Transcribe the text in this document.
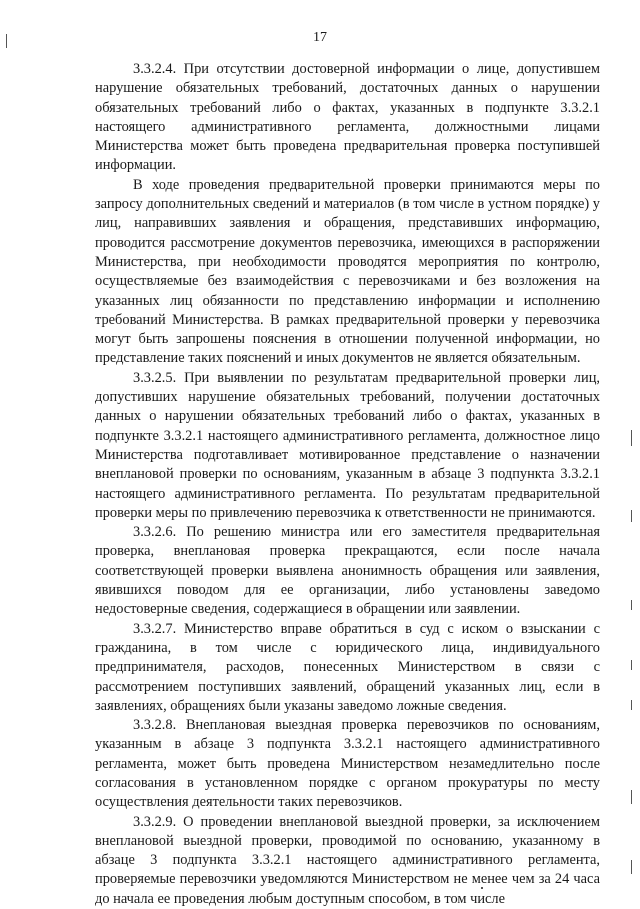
17

3.3.2.4. При отсутствии достоверной информации о лице, допустившем нарушение обязательных требований, достаточных данных о нарушении обязательных требований либо о фактах, указанных в подпункте 3.3.2.1 настоящего административного регламента, должностными лицами Министерства может быть проведена предварительная проверка поступившей информации.

В ходе проведения предварительной проверки принимаются меры по запросу дополнительных сведений и материалов (в том числе в устном порядке) у лиц, направивших заявления и обращения, представивших информацию, проводится рассмотрение документов перевозчика, имеющихся в распоряжении Министерства, при необходимости проводятся мероприятия по контролю, осуществляемые без взаимодействия с перевозчиками и без возложения на указанных лиц обязанности по представлению информации и исполнению требований Министерства. В рамках предварительной проверки у перевозчика могут быть запрошены пояснения в отношении полученной информации, но представление таких пояснений и иных документов не является обязательным.

3.3.2.5. При выявлении по результатам предварительной проверки лиц, допустивших нарушение обязательных требований, получении достаточных данных о нарушении обязательных требований либо о фактах, указанных в подпункте 3.3.2.1 настоящего административного регламента, должностное лицо Министерства подготавливает мотивированное представление о назначении внеплановой проверки по основаниям, указанным в абзаце 3 подпункта 3.3.2.1 настоящего административного регламента. По результатам предварительной проверки меры по привлечению перевозчика к ответственности не принимаются.

3.3.2.6. По решению министра или его заместителя предварительная проверка, внеплановая проверка прекращаются, если после начала соответствующей проверки выявлена анонимность обращения или заявления, явившихся поводом для ее организации, либо установлены заведомо недостоверные сведения, содержащиеся в обращении или заявлении.

3.3.2.7. Министерство вправе обратиться в суд с иском о взыскании с гражданина, в том числе с юридического лица, индивидуального предпринимателя, расходов, понесенных Министерством в связи с рассмотрением поступивших заявлений, обращений указанных лиц, если в заявлениях, обращениях были указаны заведомо ложные сведения.

3.3.2.8. Внеплановая выездная проверка перевозчиков по основаниям, указанным в абзаце 3 подпункта 3.3.2.1 настоящего административного регламента, может быть проведена Министерством незамедлительно после согласования в установленном порядке с органом прокуратуры по месту осуществления деятельности таких перевозчиков.

3.3.2.9. О проведении внеплановой выездной проверки, за исключением внеплановой выездной проверки, проводимой по основанию, указанному в абзаце 3 подпункта 3.3.2.1 настоящего административного регламента, проверяемые перевозчики уведомляются Министерством не менее чем за 24 часа до начала ее проведения любым доступным способом, в том числе
